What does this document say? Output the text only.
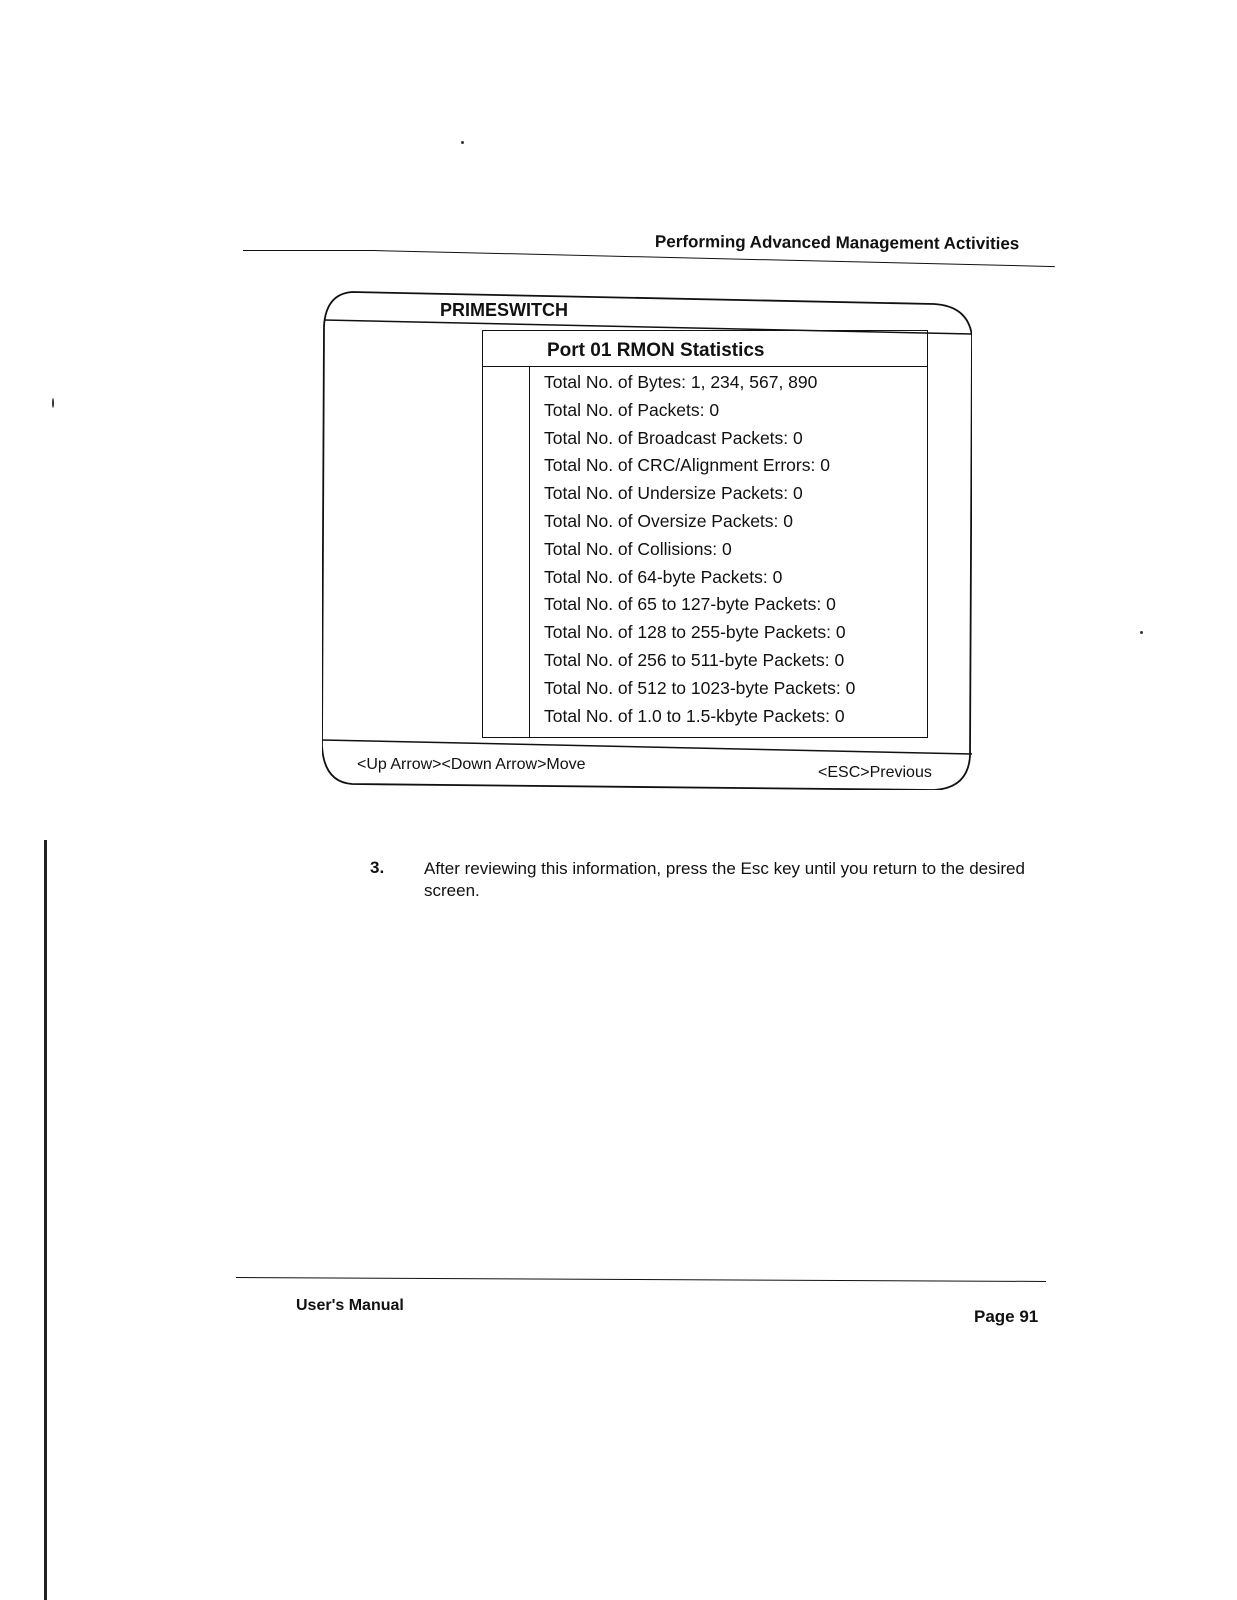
Performing Advanced Management Activities
PRIMESWITCH
Port 01 RMON Statistics
Total No. of Bytes: 1, 234, 567, 890
Total No. of Packets: 0
Total No. of Broadcast Packets: 0
Total No. of CRC/Alignment Errors: 0
Total No. of Undersize Packets: 0
Total No. of Oversize Packets: 0
Total No. of Collisions: 0
Total No. of 64-byte Packets: 0
Total No. of 65 to 127-byte Packets: 0
Total No. of 128 to 255-byte Packets: 0
Total No. of 256 to 511-byte Packets: 0
Total No. of 512 to 1023-byte Packets: 0
Total No. of 1.0 to 1.5-kbyte Packets: 0
<Up Arrow><Down Arrow>Move	<ESC>Previous
3. After reviewing this information, press the Esc key until you return to the desired screen.
User's Manual
Page 91
